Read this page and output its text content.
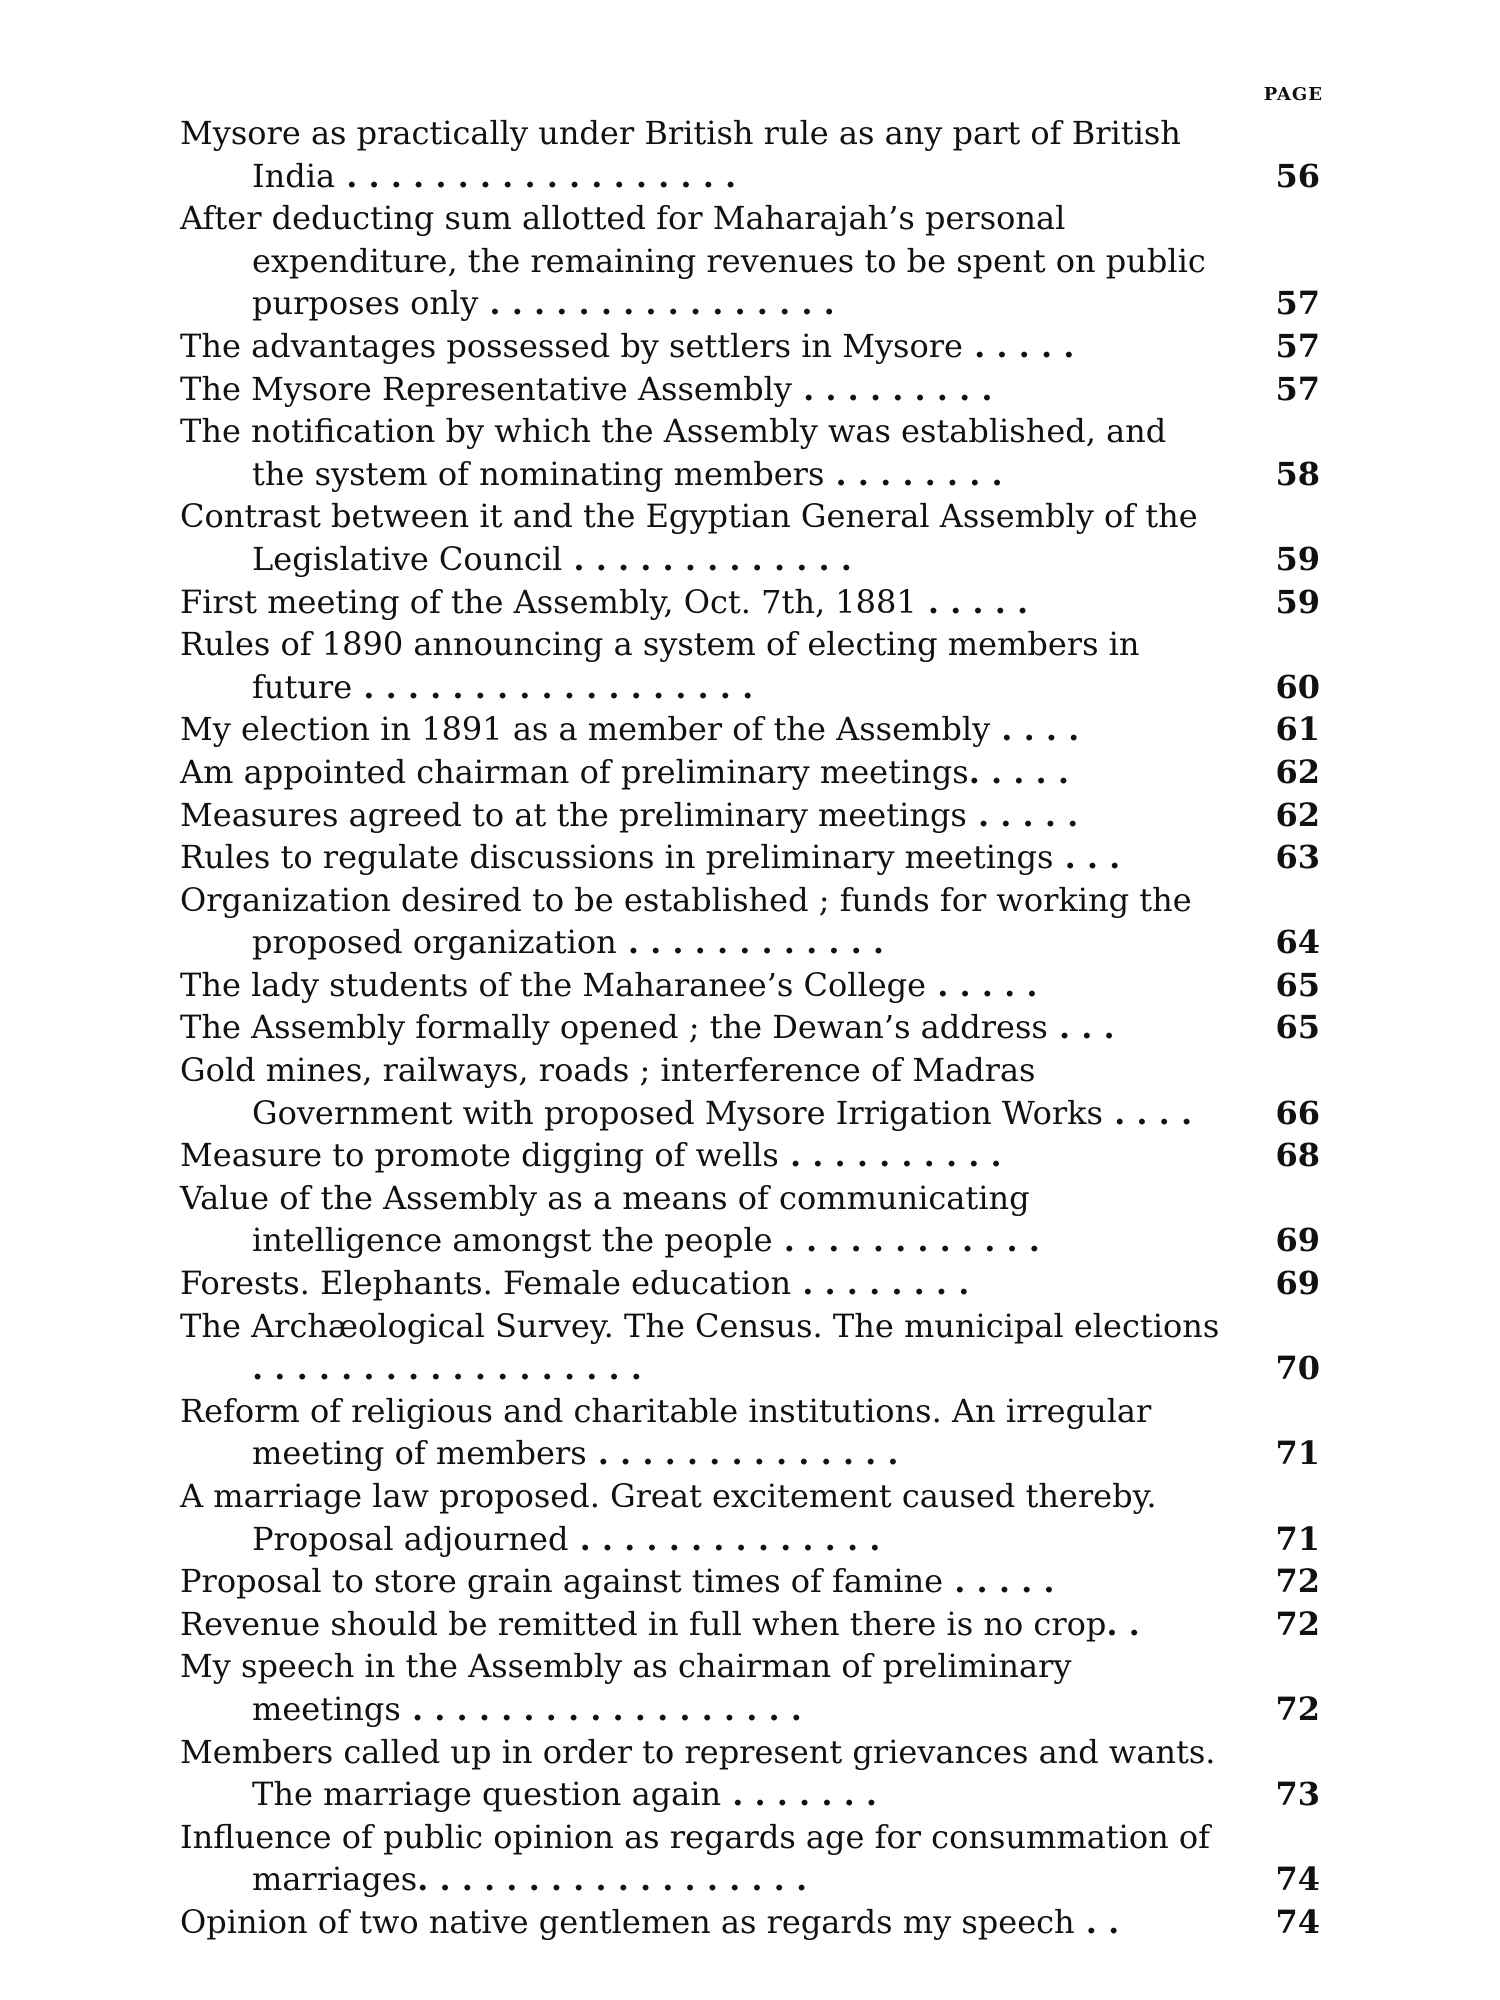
PAGE
Mysore as practically under British rule as any part of British India . . . . . . . . . . . . . . . . . .	56
After deducting sum allotted for Maharajah’s personal expenditure, the remaining revenues to be spent on public purposes only . . . . . . . . . . . . . . . .	57
The advantages possessed by settlers in Mysore . . . . .	57
The Mysore Representative Assembly . . . . . . . . .	57
The notification by which the Assembly was established, and the system of nominating members . . . . . . . .	58
Contrast between it and the Egyptian General Assembly of the Legislative Council . . . . . . . . . . . . .	59
First meeting of the Assembly, Oct. 7th, 1881 . . . . .	59
Rules of 1890 announcing a system of electing members in future . . . . . . . . . . . . . . . . . .	60
My election in 1891 as a member of the Assembly . . . .	61
Am appointed chairman of preliminary meetings. . . . .	62
Measures agreed to at the preliminary meetings . . . . .	62
Rules to regulate discussions in preliminary meetings . . .	63
Organization desired to be established ; funds for working the proposed organization . . . . . . . . . . . .	64
The lady students of the Maharanee’s College . . . . .	65
The Assembly formally opened ; the Dewan’s address . . .	65
Gold mines, railways, roads ; interference of Madras Government with proposed Mysore Irrigation Works . . . .	66
Measure to promote digging of wells . . . . . . . . . .	68
Value of the Assembly as a means of communicating intelligence amongst the people . . . . . . . . . . . .	69
Forests. Elephants. Female education . . . . . . . .	69
The Archæological Survey. The Census. The municipal elections . . . . . . . . . . . . . . . . . .	70
Reform of religious and charitable institutions. An irregular meeting of members . . . . . . . . . . . . . .	71
A marriage law proposed. Great excitement caused thereby. Proposal adjourned . . . . . . . . . . . . . .	71
Proposal to store grain against times of famine . . . . .	72
Revenue should be remitted in full when there is no crop. .	72
My speech in the Assembly as chairman of preliminary meetings . . . . . . . . . . . . . . . . . .	72
Members called up in order to represent grievances and wants. The marriage question again . . . . . . .	73
Influence of public opinion as regards age for consummation of marriages. . . . . . . . . . . . . . . . . .	74
Opinion of two native gentlemen as regards my speech . .	74
